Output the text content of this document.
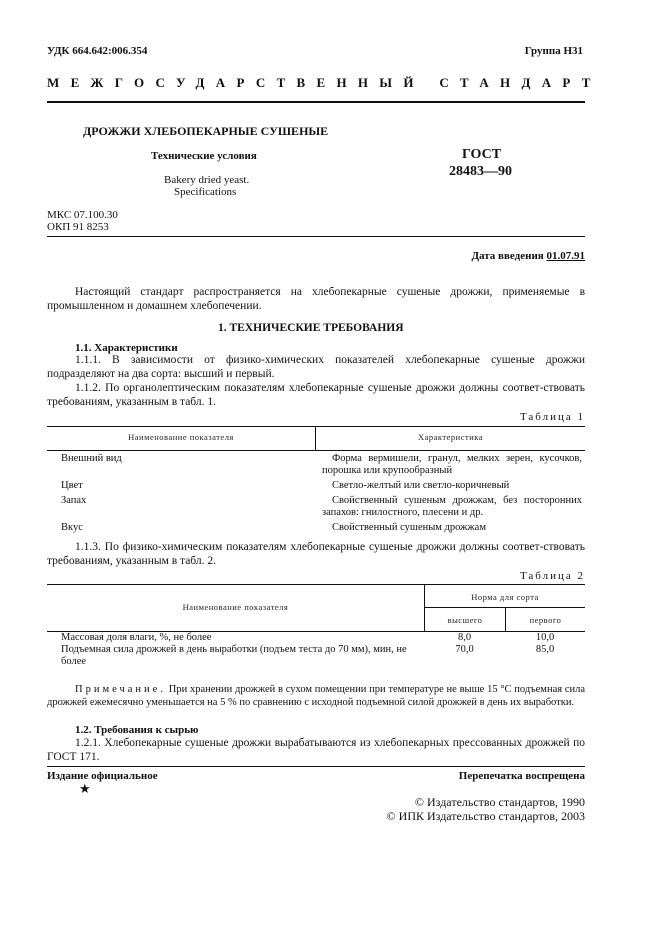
УДК 664.642:006.354	Группа Н31
МЕЖГОСУДАРСТВЕННЫЙ СТАНДАРТ
ДРОЖЖИ ХЛЕБОПЕКАРНЫЕ СУШЕНЫЕ
Технические условия
Bakery dried yeast.
Specifications
ГОСТ
28483—90
МКС 07.100.30
ОКП 91 8253
Дата введения 01.07.91
Настоящий стандарт распространяется на хлебопекарные сушеные дрожжи, применяемые в промышленном и домашнем хлебопечении.
1. ТЕХНИЧЕСКИЕ ТРЕБОВАНИЯ
1.1. Характеристики
1.1.1. В зависимости от физико-химических показателей хлебопекарные сушеные дрожжи подразделяют на два сорта: высший и первый.
1.1.2. По органолептическим показателям хлебопекарные сушеные дрожжи должны соответ-ствовать требованиям, указанным в табл. 1.
Таблица 1
Наименование показателя	Характеристика
Внешний вид	Форма вермишели, гранул, мелких зерен, кусочков, порошка или крупообразный
Цвет	Светло-желтый или светло-коричневый
Запах	Свойственный сушеным дрожжам, без посторонних запахов: гнилостного, плесени и др.
Вкус	Свойственный сушеным дрожжам
1.1.3. По физико-химическим показателям хлебопекарные сушеные дрожжи должны соответ-ствовать требованиям, указанным в табл. 2.
Таблица 2
Наименование показателя
Норма для сорта
высшего	первого
Массовая доля влаги, %, не более	8,0	10,0
Подъемная сила дрожжей в день выработки (подъем теста до 70 мм), мин, не более	70,0	85,0
Примечание. При хранении дрожжей в сухом помещении при температуре не выше 15 °С подъемная сила дрожжей ежемесячно уменьшается на 5 % по сравнению с исходной подъемной силой дрожжей в день их выработки.
1.2. Требования к сырью
1.2.1. Хлебопекарные сушеные дрожжи вырабатываются из хлебопекарных прессованных дрожжей по ГОСТ 171.
Издание официальное	Перепечатка воспрещена
★
© Издательство стандартов, 1990
© ИПК Издательство стандартов, 2003
